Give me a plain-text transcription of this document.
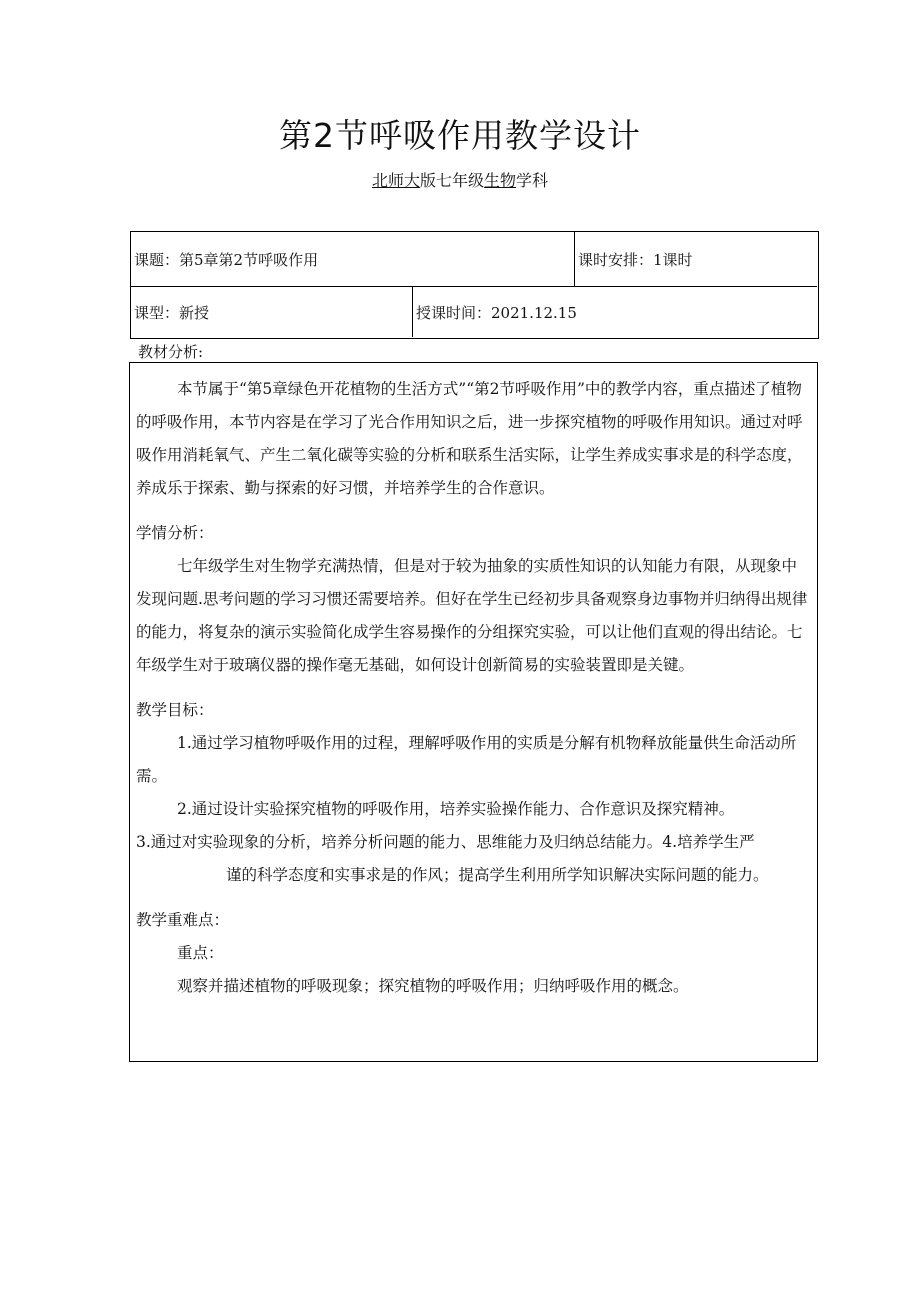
第2节呼吸作用教学设计
北师大版七年级生物学科
课题：第5章第2节呼吸作用	课时安排：1课时
课型：新授	授课时间：2021.12.15
教材分析:

本节属于“第5章绿色开花植物的生活方式”“第2节呼吸作用”中的教学内容，重点描述了植物的呼吸作用，本节内容是在学习了光合作用知识之后，进一步探究植物的呼吸作用知识。通过对呼吸作用消耗氧气、产生二氧化碳等实验的分析和联系生活实际，让学生养成实事求是的科学态度，养成乐于探索、勤与探索的好习惯，并培养学生的合作意识。

学情分析：

七年级学生对生物学充满热情，但是对于较为抽象的实质性知识的认知能力有限，从现象中发现问题.思考问题的学习习惯还需要培养。但好在学生已经初步具备观察身边事物并归纳得出规律的能力，将复杂的演示实验简化成学生容易操作的分组探究实验，可以让他们直观的得出结论。七年级学生对于玻璃仪器的操作毫无基础，如何设计创新简易的实验装置即是关键。

教学目标：

1.通过学习植物呼吸作用的过程，理解呼吸作用的实质是分解有机物释放能量供生命活动所需。

2.通过设计实验探究植物的呼吸作用，培养实验操作能力、合作意识及探究精神。

3.通过对实验现象的分析，培养分析问题的能力、思维能力及归纳总结能力。4.培养学生严

谨的科学态度和实事求是的作风；提高学生利用所学知识解决实际问题的能力。

教学重难点：

重点：

观察并描述植物的呼吸现象；探究植物的呼吸作用；归纳呼吸作用的概念。
